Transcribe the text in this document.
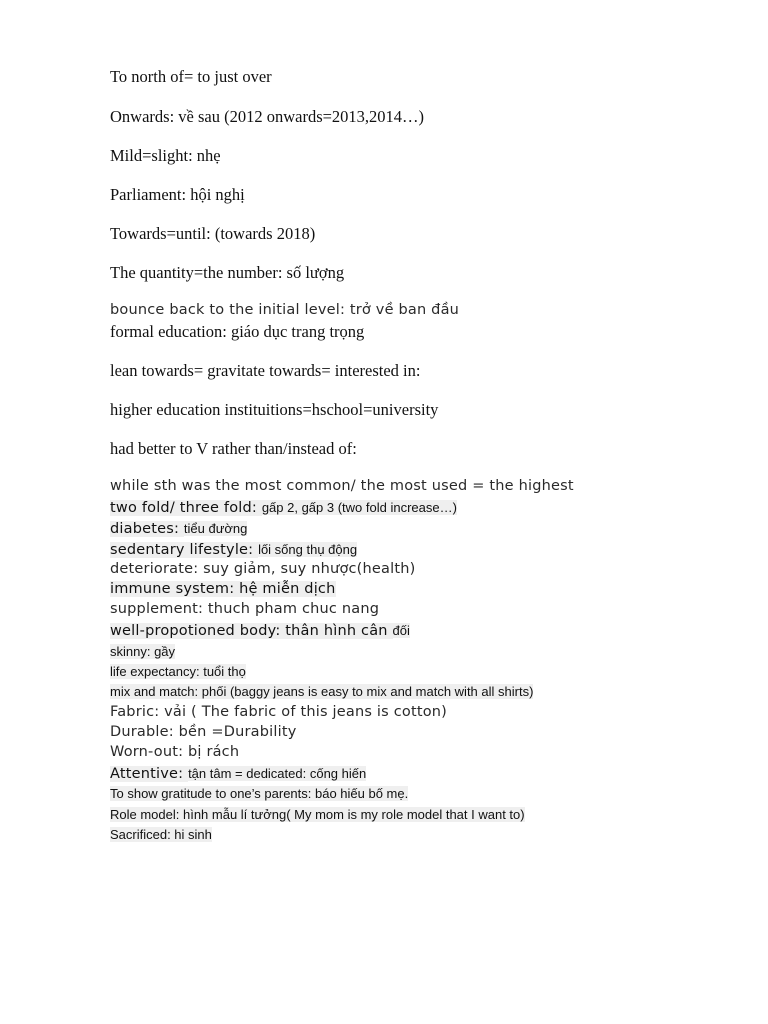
To north of= to just over
Onwards: về sau (2012 onwards=2013,2014…)
Mild=slight: nhẹ
Parliament: hội nghị
Towards=until: (towards 2018)
The quantity=the number: số lượng
bounce back to the initial level: trở về ban đầu
formal education: giáo dục trang trọng
lean towards= gravitate towards= interested in:
higher education instituitions=hschool=university
had better to V rather than/instead of:
while sth was the most common/ the most used = the highest
two fold/ three fold: gấp 2, gấp 3 (two fold increase…)
diabetes: tiểu đường
sedentary lifestyle: lối sống thụ động
deteriorate: suy giảm, suy nhược(health)
immune system: hệ miễn dịch
supplement: thuch pham chuc nang
well-propotioned body: thân hình cân đối
skinny: gầy
life expectancy: tuổi thọ
mix and match: phối (baggy jeans is easy to mix and match with all shirts)
Fabric: vải ( The fabric of this jeans is cotton)
Durable: bền =Durability
Worn-out: bị rách
Attentive: tận tâm = dedicated: cống hiến
To show gratitude to one’s parents: báo hiếu bố mẹ.
Role model: hình mẫu lí tưởng( My mom is my role model that I want to)
Sacrificed: hi sinh
